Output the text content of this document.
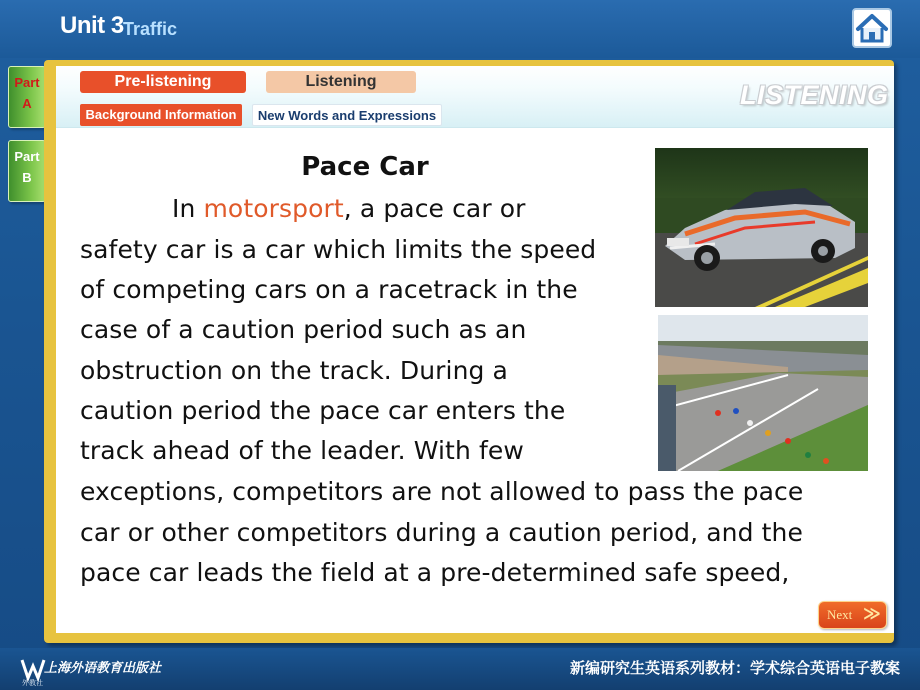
Unit 3 Traffic
Part
A
Part
B
Pre-listening	Listening
Background Information	New Words and Expressions
LISTENING
Pace Car
In motorsport, a pace car or
safety car is a car which limits the speed
of competing cars on a racetrack in the
case of a caution period such as an
obstruction on the track. During a
caution period the pace car enters the
track ahead of the leader. With few
exceptions, competitors are not allowed to pass the pace
car or other competitors during a caution period, and the
pace car leads the field at a pre-determined safe speed,
Next ≫
上海外语教育出版社
外教社
新编研究生英语系列教材：学术综合英语电子教案
